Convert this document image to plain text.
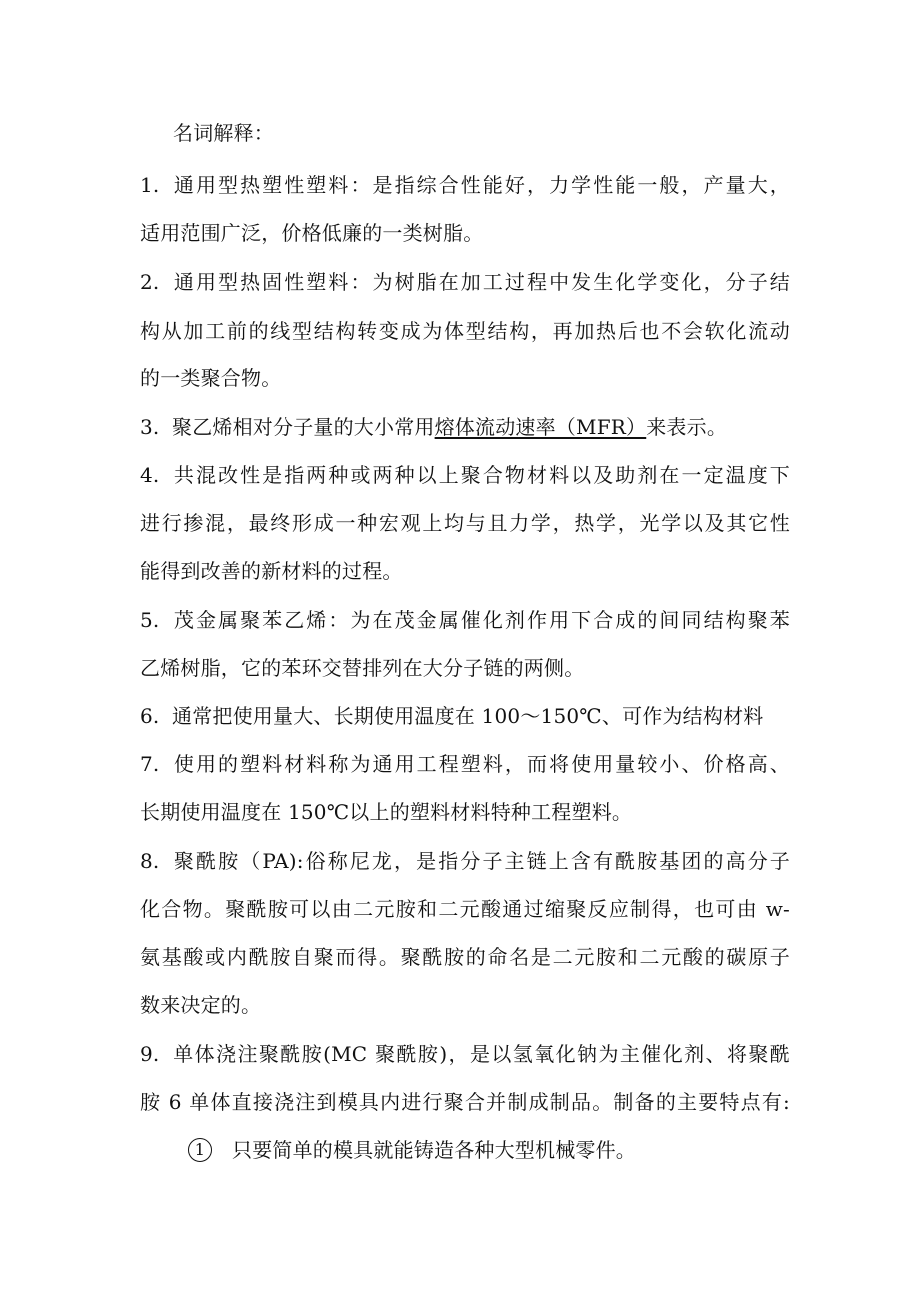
名词解释：
1. 通用型热塑性塑料：是指综合性能好，力学性能一般，产量大，
适用范围广泛，价格低廉的一类树脂。
2. 通用型热固性塑料：为树脂在加工过程中发生化学变化，分子结
构从加工前的线型结构转变成为体型结构，再加热后也不会软化流动
的一类聚合物。
3. 聚乙烯相对分子量的大小常用熔体流动速率（MFR）来表示。
4. 共混改性是指两种或两种以上聚合物材料以及助剂在一定温度下
进行掺混，最终形成一种宏观上均与且力学，热学，光学以及其它性
能得到改善的新材料的过程。
5. 茂金属聚苯乙烯：为在茂金属催化剂作用下合成的间同结构聚苯
乙烯树脂，它的苯环交替排列在大分子链的两侧。
6. 通常把使用量大、长期使用温度在 100～150℃、可作为结构材料
7. 使用的塑料材料称为通用工程塑料，而将使用量较小、价格高、
长期使用温度在 150℃以上的塑料材料特种工程塑料。
8. 聚酰胺（PA):俗称尼龙，是指分子主链上含有酰胺基团的高分子
化合物。聚酰胺可以由二元胺和二元酸通过缩聚反应制得，也可由 w-
氨基酸或内酰胺自聚而得。聚酰胺的命名是二元胺和二元酸的碳原子
数来决定的。
9. 单体浇注聚酰胺(MC 聚酰胺)，是以氢氧化钠为主催化剂、将聚酰
胺 6 单体直接浇注到模具内进行聚合并制成制品。制备的主要特点有:
1 只要简单的模具就能铸造各种大型机械零件。
